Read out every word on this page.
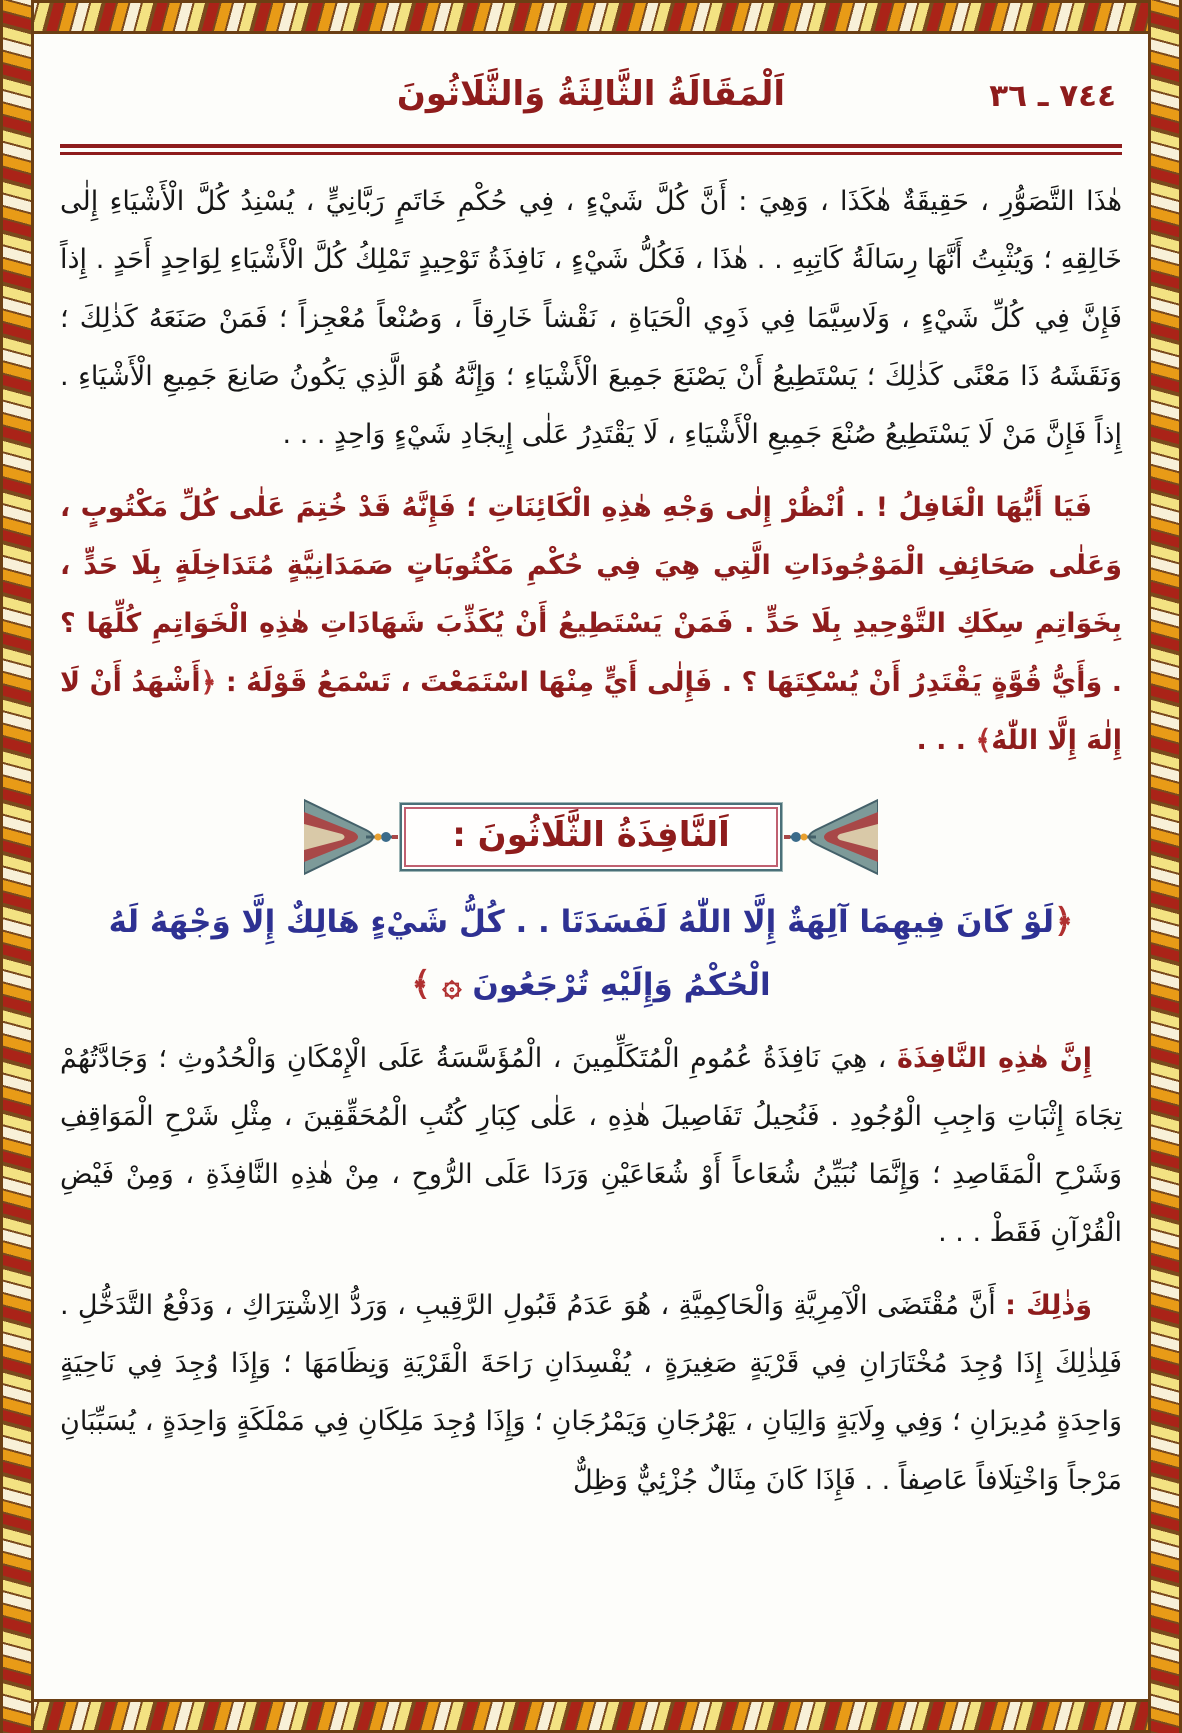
اَلْمَقَالَةُ الثَّالِثَةُ وَالثَّلَاثُونَ	٧٤٤ ـ ٣٦

هٰذَا التَّصَوُّرِ ، حَقِيقَةٌ هٰكَذَا ، وَهِيَ : أَنَّ كُلَّ شَيْءٍ ، فِي حُكْمِ خَاتَمٍ رَبَّانِيٍّ ، يُسْنِدُ كُلَّ الْأَشْيَاءِ إِلٰى خَالِقِهِ ؛ وَيُثْبِتُ أَنَّهَا رِسَالَةُ كَاتِبِهِ . . هٰذَا ، فَكُلُّ شَيْءٍ ، نَافِذَةُ تَوْحِيدٍ تَمْلِكُ كُلَّ الْأَشْيَاءِ لِوَاحِدٍ أَحَدٍ . إِذاً فَإِنَّ فِي كُلِّ شَيْءٍ ، وَلَاسِيَّمَا فِي ذَوِي الْحَيَاةِ ، نَقْشاً خَارِقاً ، وَصُنْعاً مُعْجِزاً ؛ فَمَنْ صَنَعَهُ كَذٰلِكَ ؛ وَنَقَشَهُ ذَا مَعْنًى كَذٰلِكَ ؛ يَسْتَطِيعُ أَنْ يَصْنَعَ جَمِيعَ الْأَشْيَاءِ ؛ وَإِنَّهُ هُوَ الَّذِي يَكُونُ صَانِعَ جَمِيعِ الْأَشْيَاءِ . إِذاً فَإِنَّ مَنْ لَا يَسْتَطِيعُ صُنْعَ جَمِيعِ الْأَشْيَاءِ ، لَا يَقْتَدِرُ عَلٰى إِيجَادِ شَيْءٍ وَاحِدٍ . . .

فَيَا أَيُّهَا الْغَافِلُ ! . اُنْظُرْ إِلٰى وَجْهِ هٰذِهِ الْكَائِنَاتِ ؛ فَإِنَّهُ قَدْ خُتِمَ عَلٰى كُلِّ مَكْتُوبٍ ، وَعَلٰى صَحَائِفِ الْمَوْجُودَاتِ الَّتِي هِيَ فِي حُكْمِ مَكْتُوبَاتٍ صَمَدَانِيَّةٍ مُتَدَاخِلَةٍ بِلَا حَدٍّ ، بِخَوَاتِمِ سِكَكِ التَّوْحِيدِ بِلَا حَدٍّ . فَمَنْ يَسْتَطِيعُ أَنْ يُكَذِّبَ شَهَادَاتِ هٰذِهِ الْخَوَاتِمِ كُلِّهَا ؟ . وَأَيُّ قُوَّةٍ يَقْتَدِرُ أَنْ يُسْكِتَهَا ؟ . فَإِلٰى أَيٍّ مِنْهَا اسْتَمَعْتَ ، تَسْمَعُ قَوْلَهُ : ﴿أَشْهَدُ أَنْ لَا إِلٰهَ إِلَّا اللّٰهُ﴾ . . .

اَلنَّافِذَةُ الثَّلَاثُونَ :
﴿لَوْ كَانَ فِيهِمَا آلِهَةٌ إِلَّا اللّٰهُ لَفَسَدَتَا . . كُلُّ شَيْءٍ هَالِكٌ إِلَّا وَجْهَهُ لَهُ الْحُكْمُ وَإِلَيْهِ تُرْجَعُونَ ۞ ﴾

إِنَّ هٰذِهِ النَّافِذَةَ ، هِيَ نَافِذَةُ عُمُومِ الْمُتَكَلِّمِينَ ، الْمُؤَسَّسَةُ عَلَى الْإِمْكَانِ وَالْحُدُوثِ ؛ وَجَادَّتُهُمْ تِجَاهَ إِثْبَاتِ وَاجِبِ الْوُجُودِ . فَنُحِيلُ تَفَاصِيلَ هٰذِهِ ، عَلٰى كِبَارِ كُتُبِ الْمُحَقِّقِينَ ، مِثْلِ شَرْحِ الْمَوَاقِفِ وَشَرْحِ الْمَقَاصِدِ ؛ وَإِنَّمَا نُبَيِّنُ شُعَاعاً أَوْ شُعَاعَيْنِ وَرَدَا عَلَى الرُّوحِ ، مِنْ هٰذِهِ النَّافِذَةِ ، وَمِنْ فَيْضِ الْقُرْآنِ فَقَطْ . . .

وَذٰلِكَ : أَنَّ مُقْتَضَى الْآمِرِيَّةِ وَالْحَاكِمِيَّةِ ، هُوَ عَدَمُ قَبُولِ الرَّقِيبِ ، وَرَدُّ الِاشْتِرَاكِ ، وَدَفْعُ التَّدَخُّلِ . فَلِذٰلِكَ إِذَا وُجِدَ مُخْتَارَانِ فِي قَرْيَةٍ صَغِيرَةٍ ، يُفْسِدَانِ رَاحَةَ الْقَرْيَةِ وَنِظَامَهَا ؛ وَإِذَا وُجِدَ فِي نَاحِيَةٍ وَاحِدَةٍ مُدِيرَانِ ؛ وَفِي وِلَايَةٍ وَالِيَانِ ، يَهْرُجَانِ وَيَمْرُجَانِ ؛ وَإِذَا وُجِدَ مَلِكَانِ فِي مَمْلَكَةٍ وَاحِدَةٍ ، يُسَبِّبَانِ مَرْجاً وَاخْتِلَافاً عَاصِفاً . . فَإِذَا كَانَ مِثَالٌ جُزْئِيٌّ وَظِلٌّ
